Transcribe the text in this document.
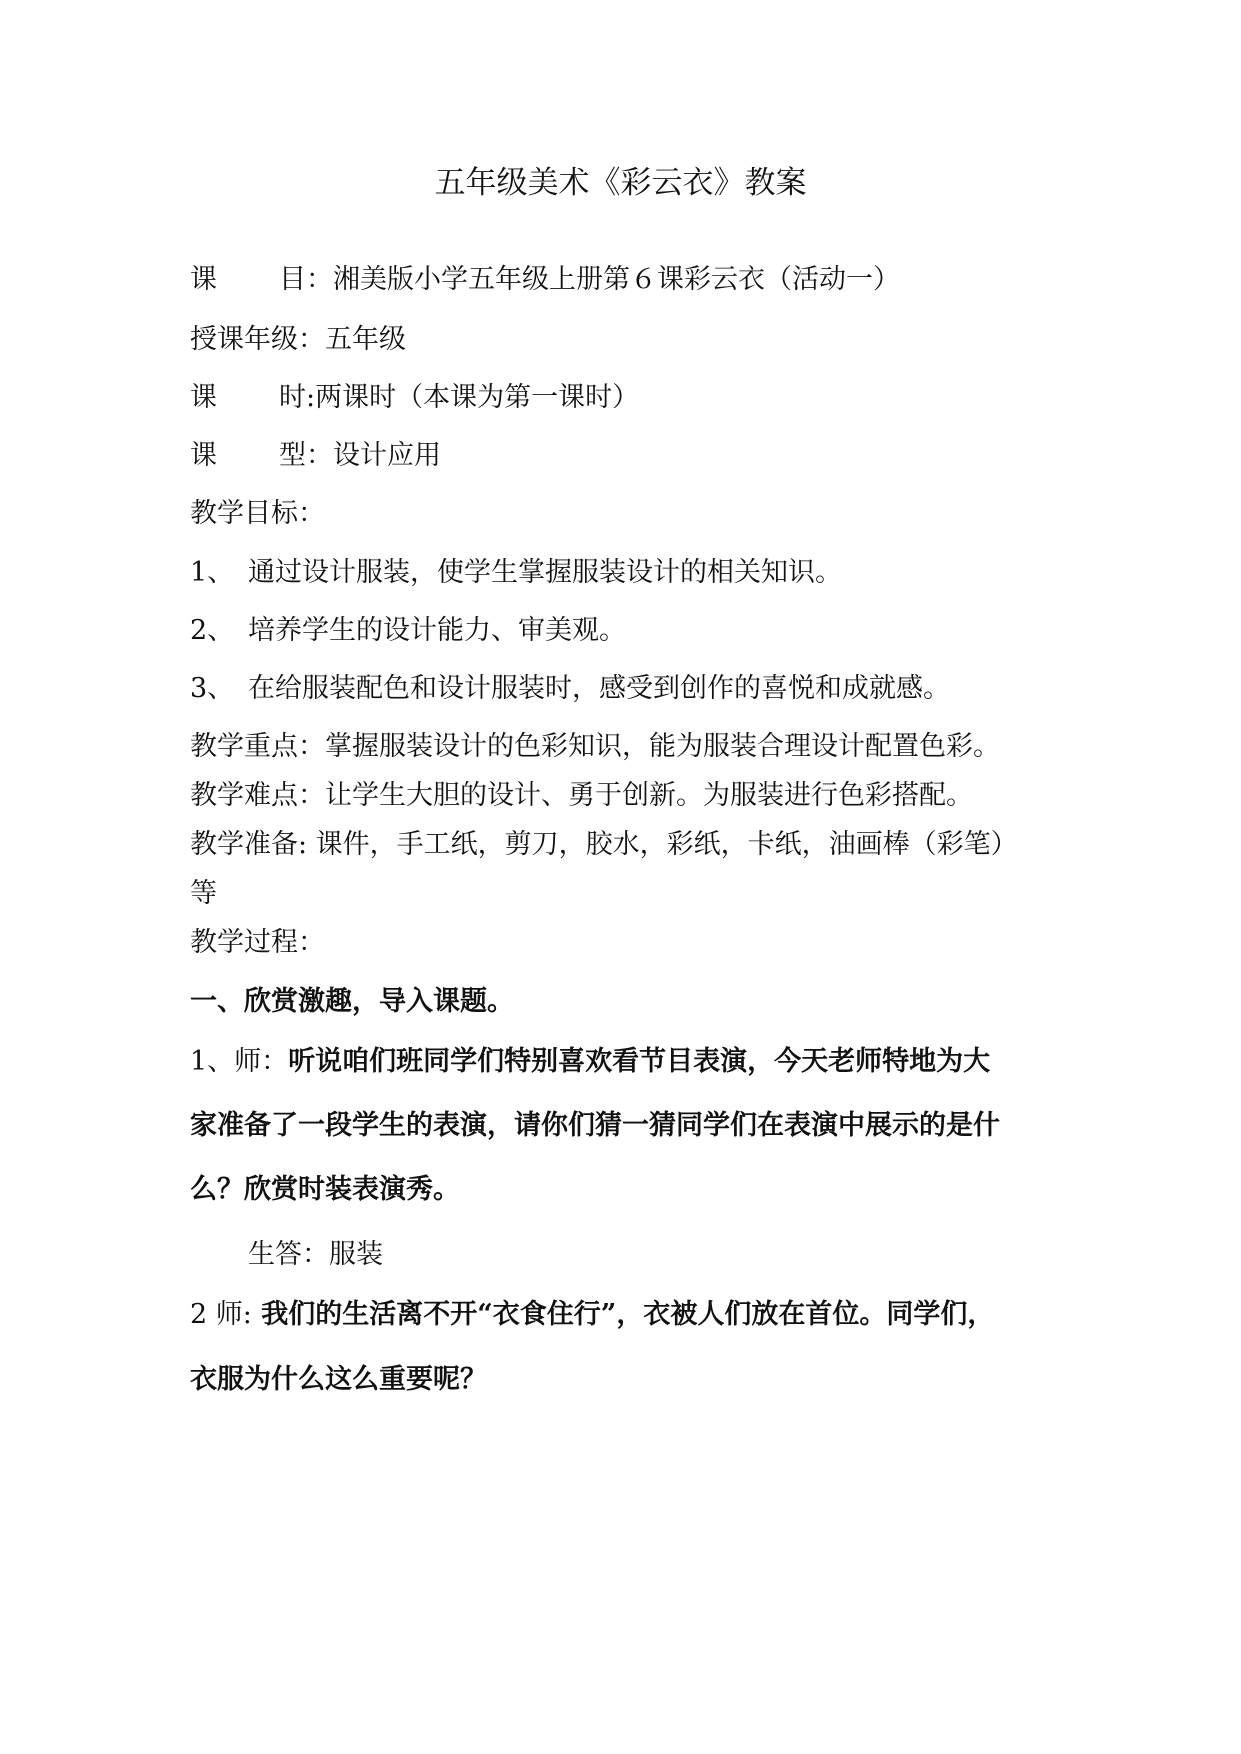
五年级美术《彩云衣》教案
课 目：湘美版小学五年级上册第６课彩云衣（活动一）
授课年级：五年级
课 时:两课时（本课为第一课时）
课 型：设计应用
教学目标：
1、 通过设计服装，使学生掌握服装设计的相关知识。
2、 培养学生的设计能力、审美观。
3、 在给服装配色和设计服装时，感受到创作的喜悦和成就感。
教学重点：掌握服装设计的色彩知识，能为服装合理设计配置色彩。
教学难点：让学生大胆的设计、勇于创新。为服装进行色彩搭配。
教学准备: 课件，手工纸，剪刀，胶水，彩纸，卡纸，油画棒（彩笔）
等
教学过程：
一、欣赏激趣，导入课题。
1、师：听说咱们班同学们特别喜欢看节目表演，今天老师特地为大
家准备了一段学生的表演，请你们猜一猜同学们在表演中展示的是什
么？欣赏时装表演秀。
生答：服装
2 师: 我们的生活离不开“衣食住行”，衣被人们放在首位。同学们，
衣服为什么这么重要呢？
